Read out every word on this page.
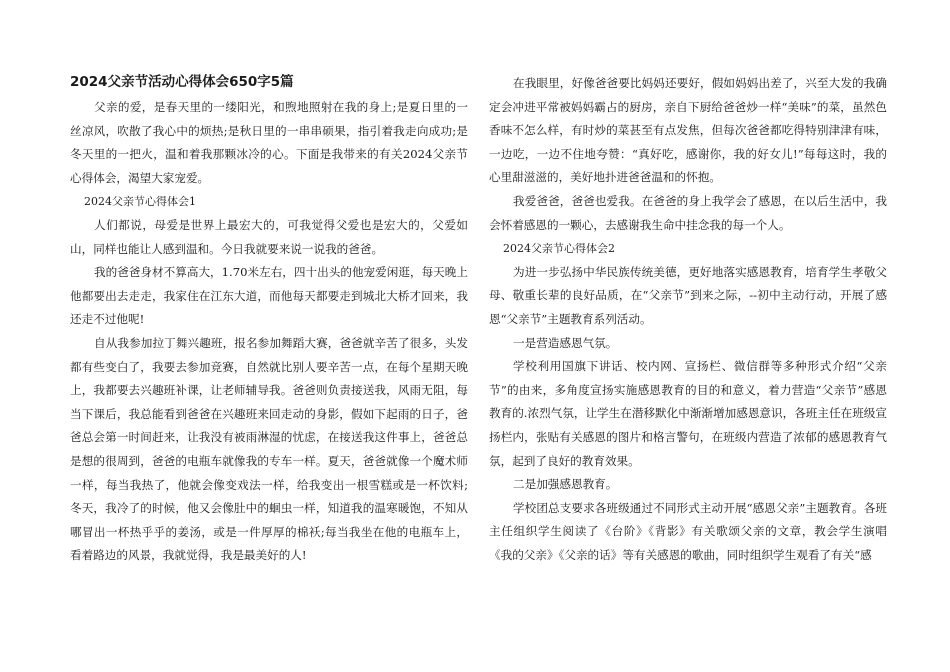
2024父亲节活动心得体会650字5篇

父亲的爱，是春天里的一缕阳光，和煦地照射在我的身上;是夏日里的一丝凉风，吹散了我心中的烦热;是秋日里的一串串硕果，指引着我走向成功;是冬天里的一把火，温和着我那颗冰冷的心。下面是我带来的有关2024父亲节心得体会，渴望大家宠爱。

2024父亲节心得体会1

人们都说，母爱是世界上最宏大的，可我觉得父爱也是宏大的，父爱如山，同样也能让人感到温和。今日我就要来说一说我的爸爸。

我的爸爸身材不算高大，1.70米左右，四十出头的他宠爱闲逛，每天晚上他都要出去走走，我家住在江东大道，而他每天都要走到城北大桥才回来，我还走不过他呢!

自从我参加拉丁舞兴趣班，报名参加舞蹈大赛，爸爸就辛苦了很多，头发都有些变白了，我要去参加竞赛，自然就比别人要辛苦一点，在每个星期天晚上，我都要去兴趣班补课，让老师辅导我。爸爸则负责接送我，风雨无阻，每当下课后，我总能看到爸爸在兴趣班来回走动的身影，假如下起雨的日子，爸爸总会第一时间赶来，让我没有被雨淋湿的忧虑，在接送我这件事上，爸爸总是想的很周到，爸爸的电瓶车就像我的专车一样。夏天，爸爸就像一个魔术师一样，每当我热了，他就会像变戏法一样，给我变出一根雪糕或是一杯饮料;冬天，我冷了的时候，他又会像肚中的蛔虫一样，知道我的温寒暖饱，不知从哪冒出一杯热乎乎的姜汤，或是一件厚厚的棉袄;每当我坐在他的电瓶车上，看着路边的风景，我就觉得，我是最美好的人!

在我眼里，好像爸爸要比妈妈还要好，假如妈妈出差了，兴至大发的我确定会冲进平常被妈妈霸占的厨房，亲自下厨给爸爸炒一样“美味”的菜，虽然色香味不怎么样，有时炒的菜甚至有点发焦，但每次爸爸都吃得特别津津有味，一边吃，一边不住地夸赞：“真好吃，感谢你，我的好女儿!”每每这时，我的心里甜滋滋的，美好地扑进爸爸温和的怀抱。

我爱爸爸，爸爸也爱我。在爸爸的身上我学会了感恩，在以后生活中，我会怀着感恩的一颗心，去感谢我生命中挂念我的每一个人。

2024父亲节心得体会2

为进一步弘扬中华民族传统美德，更好地落实感恩教育，培育学生孝敬父母、敬重长辈的良好品质，在“父亲节”到来之际，--初中主动行动，开展了感恩“父亲节”主题教育系列活动。

一是营造感恩气氛。

学校利用国旗下讲话、校内网、宣扬栏、微信群等多种形式介绍“父亲节”的由来，多角度宣扬实施感恩教育的目的和意义，着力营造“父亲节”感恩教育的.浓烈气氛，让学生在潜移默化中渐渐增加感恩意识，各班主任在班级宣扬栏内，张贴有关感恩的图片和格言警句，在班级内营造了浓郁的感恩教育气氛，起到了良好的教育效果。

二是加强感恩教育。

学校团总支要求各班级通过不同形式主动开展“感恩父亲”主题教育。各班主任组织学生阅读了《台阶》《背影》有关歌颂父亲的文章，教会学生演唱《我的父亲》《父亲的话》等有关感恩的歌曲，同时组织学生观看了有关“感
